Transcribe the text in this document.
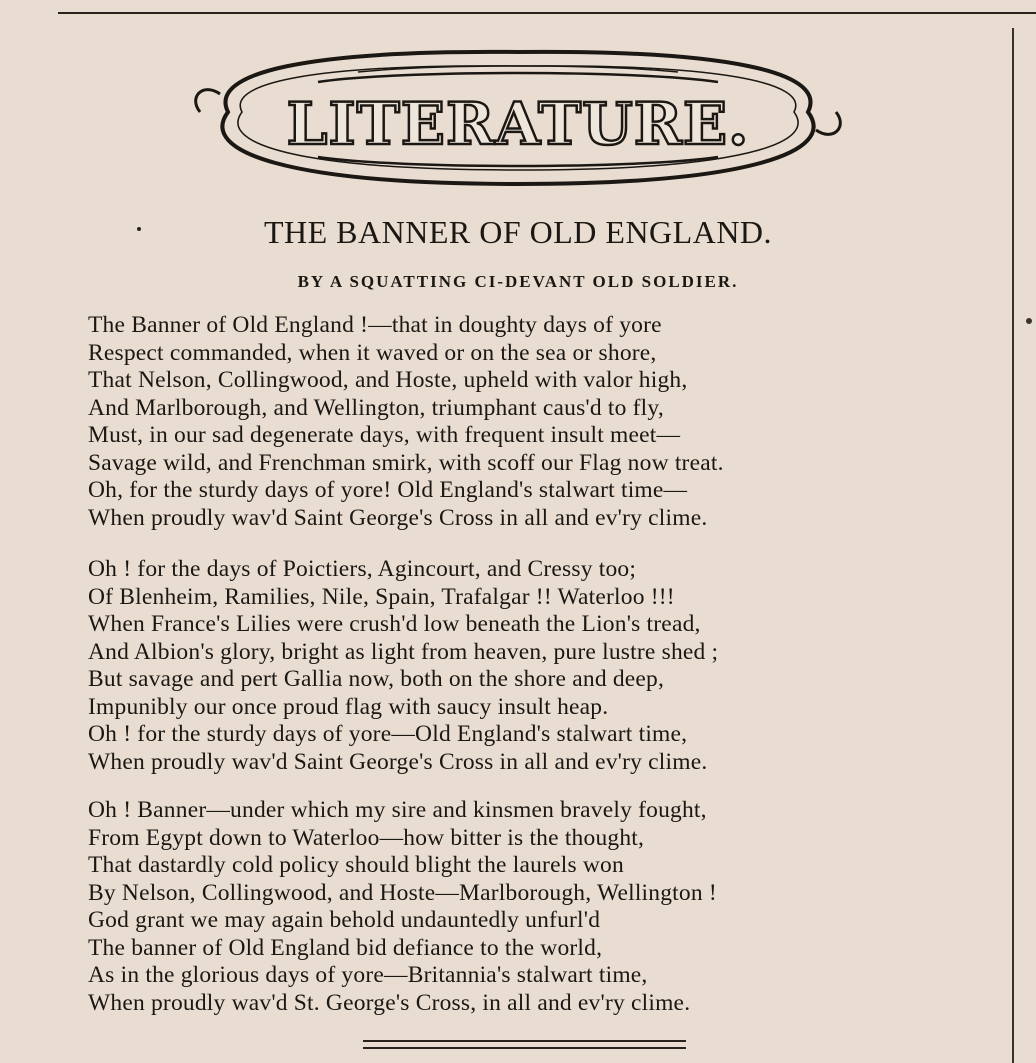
LITERATURE.
THE BANNER OF OLD ENGLAND.
BY A SQUATTING CI-DEVANT OLD SOLDIER.
The Banner of Old England !—that in doughty days of yore
Respect commanded, when it waved or on the sea or shore,
That Nelson, Collingwood, and Hoste, upheld with valor high,
And Marlborough, and Wellington, triumphant caus'd to fly,
Must, in our sad degenerate days, with frequent insult meet—
Savage wild, and Frenchman smirk, with scoff our Flag now treat.
Oh, for the sturdy days of yore! Old England's stalwart time—
When proudly wav'd Saint George's Cross in all and ev'ry clime.
Oh ! for the days of Poictiers, Agincourt, and Cressy too;
Of Blenheim, Ramilies, Nile, Spain, Trafalgar !! Waterloo !!!
When France's Lilies were crush'd low beneath the Lion's tread,
And Albion's glory, bright as light from heaven, pure lustre shed ;
But savage and pert Gallia now, both on the shore and deep,
Impunibly our once proud flag with saucy insult heap.
Oh ! for the sturdy days of yore—Old England's stalwart time,
When proudly wav'd Saint George's Cross in all and ev'ry clime.
Oh ! Banner—under which my sire and kinsmen bravely fought,
From Egypt down to Waterloo—how bitter is the thought,
That dastardly cold policy should blight the laurels won
By Nelson, Collingwood, and Hoste—Marlborough, Wellington !
God grant we may again behold undauntedly unfurl'd
The banner of Old England bid defiance to the world,
As in the glorious days of yore—Britannia's stalwart time,
When proudly wav'd St. George's Cross, in all and ev'ry clime.
